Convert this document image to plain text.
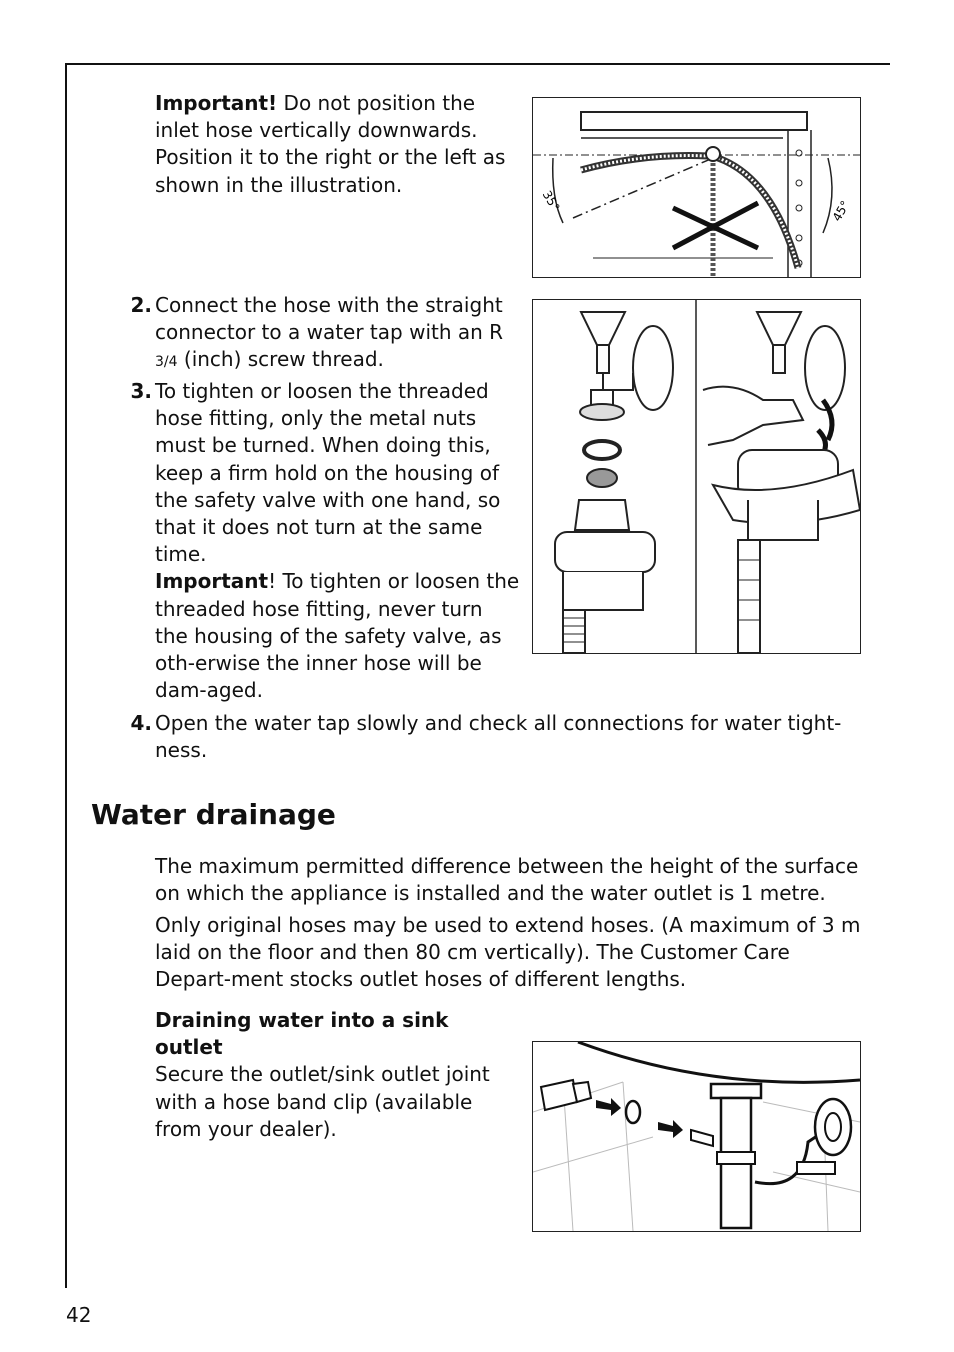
Important! Do not position the inlet hose vertically downwards. Position it to the right or the left as shown in the illustration.
35°	45°
2. Connect the hose with the straight connector to a water tap with an R 3/4 (inch) screw thread.
3. To tighten or loosen the threaded hose fitting, only the metal nuts must be turned. When doing this, keep a firm hold on the housing of the safety valve with one hand, so that it does not turn at the same time.
Important! To tighten or loosen the threaded hose fitting, never turn the housing of the safety valve, as oth-erwise the inner hose will be dam-aged.
4. Open the water tap slowly and check all connections for water tight-ness.
Water drainage
The maximum permitted difference between the height of the surface on which the appliance is installed and the water outlet is 1 metre.
Only original hoses may be used to extend hoses. (A maximum of 3 m laid on the floor and then 80 cm vertically). The Customer Care Depart-ment stocks outlet hoses of different lengths.
Draining water into a sink outlet
Secure the outlet/sink outlet joint with a hose band clip (available from your dealer).
42
